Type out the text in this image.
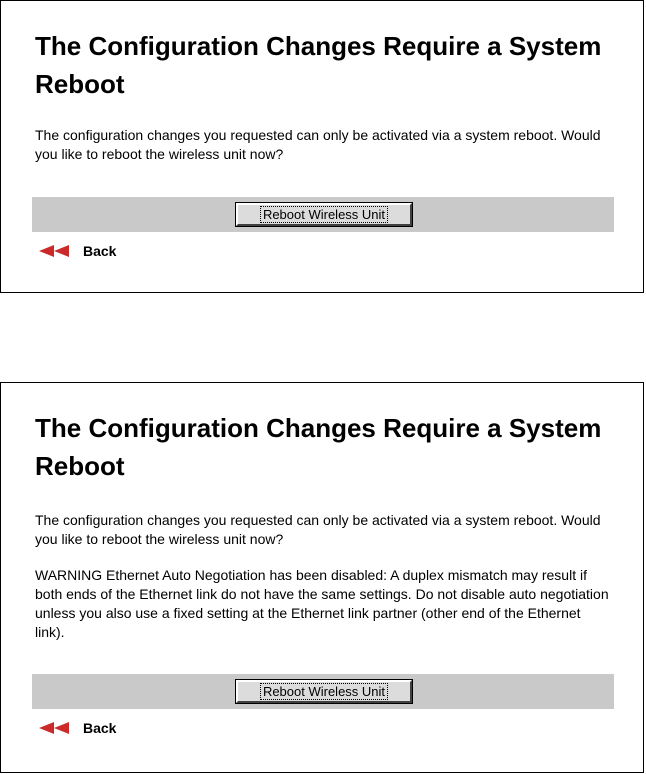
The Configuration Changes Require a System Reboot

The configuration changes you requested can only be activated via a system reboot. Would you like to reboot the wireless unit now?

Reboot Wireless Unit
Back
The Configuration Changes Require a System Reboot

The configuration changes you requested can only be activated via a system reboot. Would you like to reboot the wireless unit now?

WARNING Ethernet Auto Negotiation has been disabled: A duplex mismatch may result if both ends of the Ethernet link do not have the same settings. Do not disable auto negotiation unless you also use a fixed setting at the Ethernet link partner (other end of the Ethernet link).

Reboot Wireless Unit
Back
